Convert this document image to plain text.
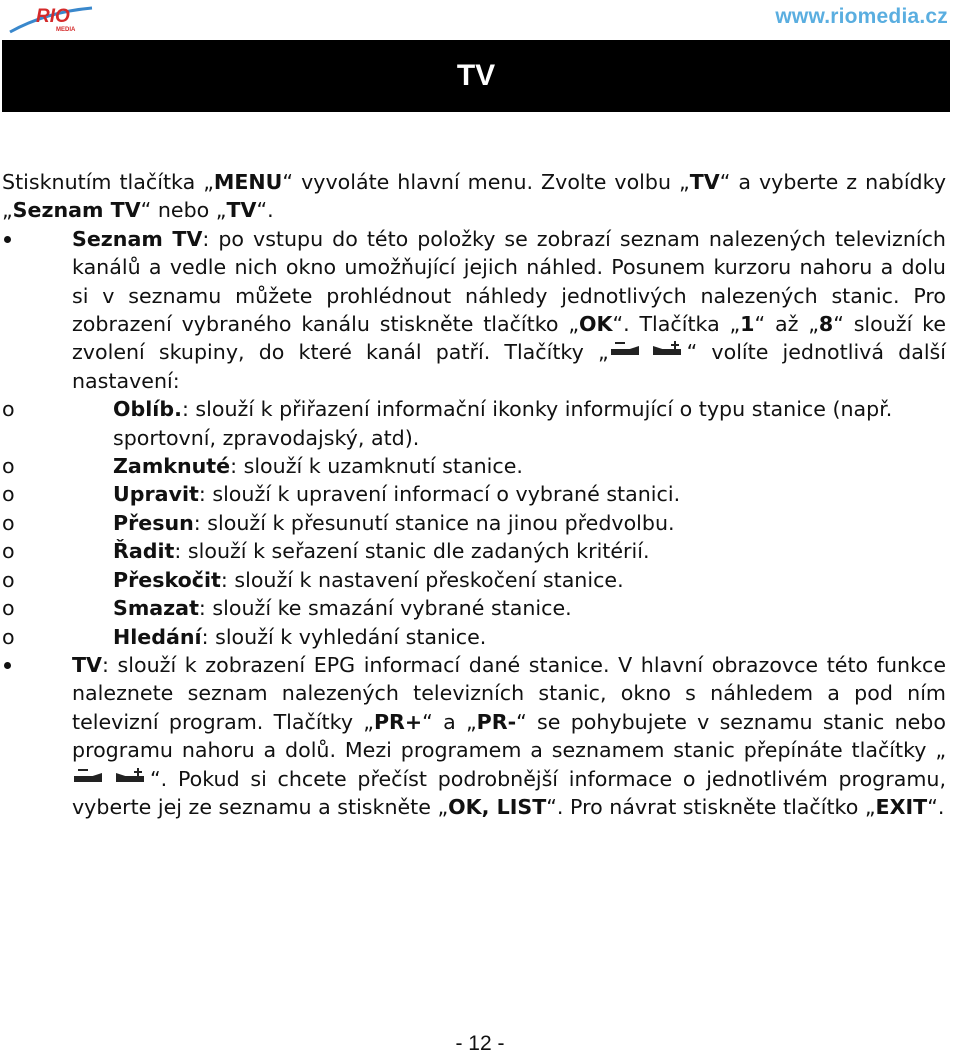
RIO
MEDIA
www.riomedia.cz
TV

Stisknutím tlačítka „MENU“ vyvoláte hlavní menu. Zvolte volbu „TV“ a vyberte z nabídky „Seznam TV“ nebo „TV“.

Seznam TV: po vstupu do této položky se zobrazí seznam nalezených televizních kanálů a vedle nich okno umožňující jejich náhled. Posunem kurzoru nahoru a dolu si v seznamu můžete prohlédnout náhledy jednotlivých nalezených stanic. Pro zobrazení vybraného kanálu stiskněte tlačítko „OK“. Tlačítka „1“ až „8“ slouží ke zvolení skupiny, do které kanál patří. Tlačítky „	“ volíte jednotlivá další nastavení:

o	Oblíb.: slouží k přiřazení informační ikonky informující o typu stanice (např. sportovní, zpravodajský, atd).
o	Zamknuté: slouží k uzamknutí stanice.
o	Upravit: slouží k upravení informací o vybrané stanici.
o	Přesun: slouží k přesunutí stanice na jinou předvolbu.
o	Řadit: slouží k seřazení stanic dle zadaných kritérií.
o	Přeskočit: slouží k nastavení přeskočení stanice.
o	Smazat: slouží ke smazání vybrané stanice.
o	Hledání: slouží k vyhledání stanice.

TV: slouží k zobrazení EPG informací dané stanice. V hlavní obrazovce této funkce naleznete seznam nalezených televizních stanic, okno s náhledem a pod ním televizní program. Tlačítky „PR+“ a „PR-“ se pohybujete v seznamu stanic nebo programu nahoru a dolů. Mezi programem a seznamem stanic přepínáte tlačítky „“. Pokud si chcete přečíst podrobnější informace o jednotlivém programu, vyberte jej ze seznamu a stiskněte „OK, LIST“. Pro návrat stiskněte tlačítko „EXIT“.

- 12 -
